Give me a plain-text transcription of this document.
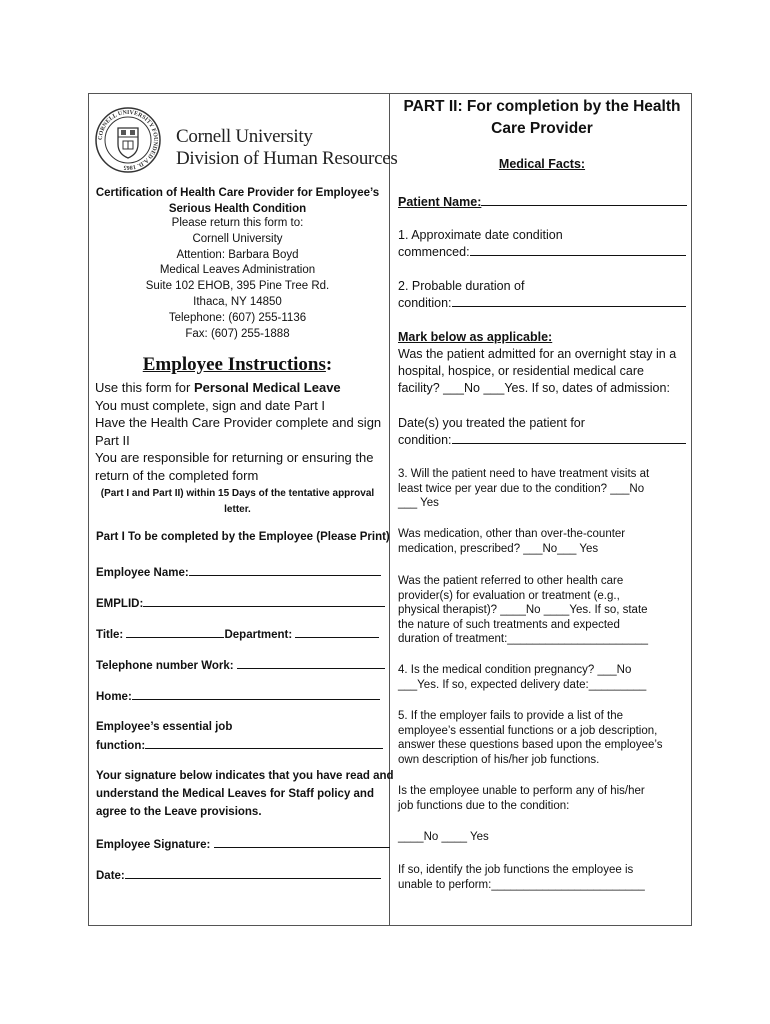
CORNELL UNIVERSITY FOUNDED A.D. 1865
Cornell University
Division of Human Resources
Certification of Health Care Provider for Employee’s
Serious Health Condition
Please return this form to:
Cornell University
Attention: Barbara Boyd
Medical Leaves Administration
Suite 102 EHOB, 395 Pine Tree Rd.
Ithaca, NY 14850
Telephone: (607) 255-1136
Fax: (607) 255-1888
Employee Instructions:
Use this form for Personal Medical Leave
You must complete, sign and date Part I
Have the Health Care Provider complete and sign
Part II
You are responsible for returning or ensuring the
return of the completed form
(Part I and Part II) within 15 Days of the tentative approval
letter.
Part I To be completed by the Employee (Please Print)
Employee Name:
EMPLID:
Title:	Department:
Telephone number Work:
Home:
Employee’s essential job
function:
Your signature below indicates that you have read and
understand the Medical Leaves for Staff policy and
agree to the Leave provisions.
Employee Signature:
Date:
PART II: For completion by the Health
Care Provider
Medical Facts:
Patient Name:
1. Approximate date condition
commenced:
2. Probable duration of
condition:
Mark below as applicable:
Was the patient admitted for an overnight stay in a
hospital, hospice, or residential medical care
facility? ___No ___Yes. If so, dates of admission:
Date(s) you treated the patient for
condition:
3. Will the patient need to have treatment visits at
least twice per year due to the condition? ___No
___ Yes
Was medication, other than over-the-counter
medication, prescribed? ___No___ Yes
Was the patient referred to other health care
provider(s) for evaluation or treatment (e.g.,
physical therapist)? ____No ____Yes. If so, state
the nature of such treatments and expected
duration of treatment:______________________
4. Is the medical condition pregnancy? ___No
___Yes. If so, expected delivery date:_________
5. If the employer fails to provide a list of the
employee’s essential functions or a job description,
answer these questions based upon the employee’s
own description of his/her job functions.
Is the employee unable to perform any of his/her
job functions due to the condition:
____No ____ Yes
If so, identify the job functions the employee is
unable to perform:________________________
